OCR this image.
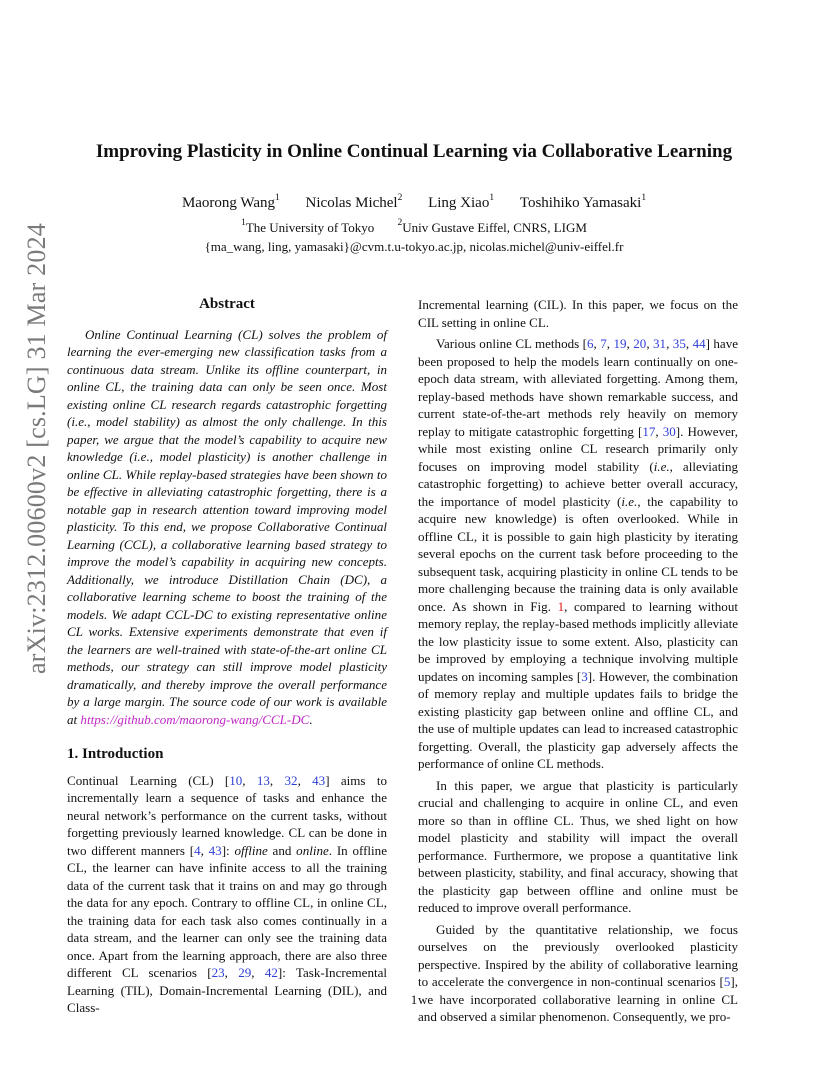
arXiv:2312.00600v2 [cs.LG] 31 Mar 2024
Improving Plasticity in Online Continual Learning via Collaborative Learning
Maorong Wang$^1$ Nicolas Michel$^2$ Ling Xiao$^1$ Toshihiko Yamasaki$^1$
$^1$The University of Tokyo $^2$Univ Gustave Eiffel, CNRS, LIGM
{ma_wang, ling, yamasaki}@cvm.t.u-tokyo.ac.jp, nicolas.michel@univ-eiffel.fr
Abstract

Online Continual Learning (CL) solves the problem of learning the ever-emerging new classification tasks from a continuous data stream. Unlike its offline counterpart, in online CL, the training data can only be seen once. Most existing online CL research regards catastrophic forgetting (i.e., model stability) as almost the only challenge. In this paper, we argue that the model’s capability to acquire new knowledge (i.e., model plasticity) is another challenge in online CL. While replay-based strategies have been shown to be effective in alleviating catastrophic forgetting, there is a notable gap in research attention toward improving model plasticity. To this end, we propose Collaborative Continual Learning (CCL), a collaborative learning based strategy to improve the model’s capability in acquiring new concepts. Additionally, we introduce Distillation Chain (DC), a collaborative learning scheme to boost the training of the models. We adapt CCL-DC to existing representative online CL works. Extensive experiments demonstrate that even if the learners are well-trained with state-of-the-art online CL methods, our strategy can still improve model plasticity dramatically, and thereby improve the overall performance by a large margin. The source code of our work is available at https://github.com/maorong-wang/CCL-DC.

1. Introduction

Continual Learning (CL) [10, 13, 32, 43] aims to incrementally learn a sequence of tasks and enhance the neural network’s performance on the current tasks, without forgetting previously learned knowledge. CL can be done in two different manners [4, 43]: offline and online. In offline CL, the learner can have infinite access to all the training data of the current task that it trains on and may go through the data for any epoch. Contrary to offline CL, in online CL, the training data for each task also comes continually in a data stream, and the learner can only see the training data once. Apart from the learning approach, there are also three different CL scenarios [23, 29, 42]: Task-Incremental Learning (TIL), Domain-Incremental Learning (DIL), and Class-

Incremental learning (CIL). In this paper, we focus on the CIL setting in online CL.

Various online CL methods [6, 7, 19, 20, 31, 35, 44] have been proposed to help the models learn continually on one-epoch data stream, with alleviated forgetting. Among them, replay-based methods have shown remarkable success, and current state-of-the-art methods rely heavily on memory replay to mitigate catastrophic forgetting [17, 30]. However, while most existing online CL research primarily only focuses on improving model stability (i.e., alleviating catastrophic forgetting) to achieve better overall accuracy, the importance of model plasticity (i.e., the capability to acquire new knowledge) is often overlooked. While in offline CL, it is possible to gain high plasticity by iterating several epochs on the current task before proceeding to the subsequent task, acquiring plasticity in online CL tends to be more challenging because the training data is only available once. As shown in Fig. 1, compared to learning without memory replay, the replay-based methods implicitly alleviate the low plasticity issue to some extent. Also, plasticity can be improved by employing a technique involving multiple updates on incoming samples [3]. However, the combination of memory replay and multiple updates fails to bridge the existing plasticity gap between online and offline CL, and the use of multiple updates can lead to increased catastrophic forgetting. Overall, the plasticity gap adversely affects the performance of online CL methods.

In this paper, we argue that plasticity is particularly crucial and challenging to acquire in online CL, and even more so than in offline CL. Thus, we shed light on how model plasticity and stability will impact the overall performance. Furthermore, we propose a quantitative link between plasticity, stability, and final accuracy, showing that the plasticity gap between offline and online must be reduced to improve overall performance.

Guided by the quantitative relationship, we focus ourselves on the previously overlooked plasticity perspective. Inspired by the ability of collaborative learning to accelerate the convergence in non-continual scenarios [5], we have incorporated collaborative learning in online CL and observed a similar phenomenon. Consequently, we pro-

1
